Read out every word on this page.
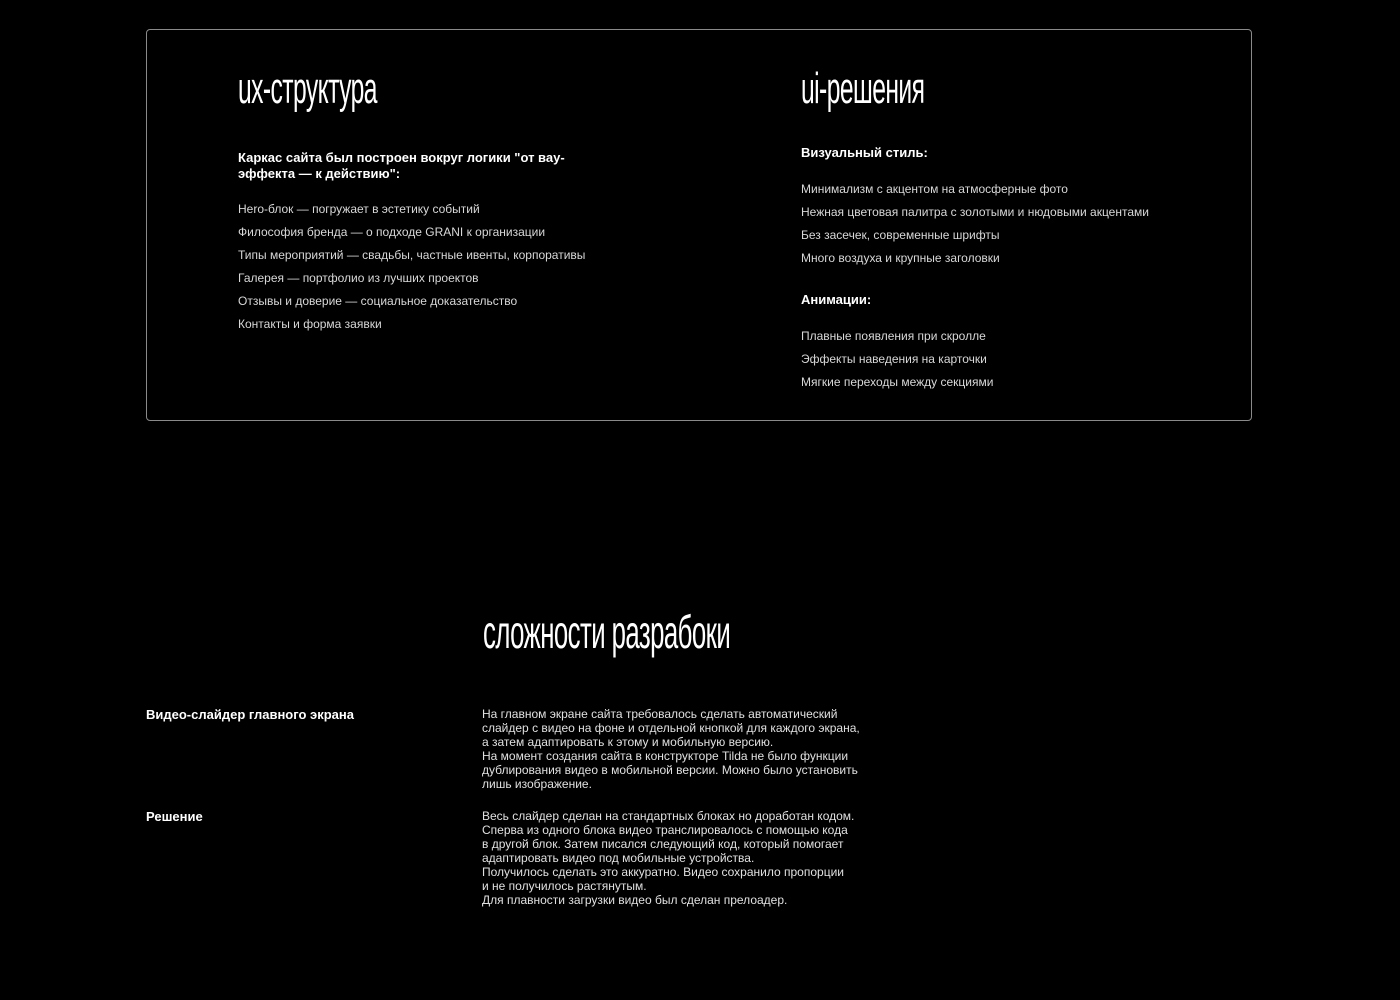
ux-структура

Каркас сайта был построен вокруг логики "от вау-эффекта — к действию":

Hero-блок — погружает в эстетику событий
Философия бренда — о подходе GRANI к организации
Типы мероприятий — свадьбы, частные ивенты, корпоративы
Галерея — портфолио из лучших проектов
Отзывы и доверие — социальное доказательство
Контакты и форма заявки
ui-решения

Визуальный стиль:

Минимализм с акцентом на атмосферные фото
Нежная цветовая палитра с золотыми и нюдовыми акцентами
Без засечек, современные шрифты
Много воздуха и крупные заголовки

Анимации:

Плавные появления при скролле
Эффекты наведения на карточки
Мягкие переходы между секциями
сложности разрабоки

Видео-слайдер главного экрана	На главном экране сайта требовалось сделать автоматический
слайдер с видео на фоне и отдельной кнопкой для каждого экрана,
а затем адаптировать к этому и мобильную версию.
На момент создания сайта в конструкторе Tilda не было функции
дублирования видео в мобильной версии. Можно было установить
лишь изображение.

Решение	Весь слайдер сделан на стандартных блоках но доработан кодом.
Сперва из одного блока видео транслировалось с помощью кода
в другой блок. Затем писался следующий код, который помогает
адаптировать видео под мобильные устройства.
Получилось сделать это аккуратно. Видео сохранило пропорции
и не получилось растянутым.
Для плавности загрузки видео был сделан прелоадер.
